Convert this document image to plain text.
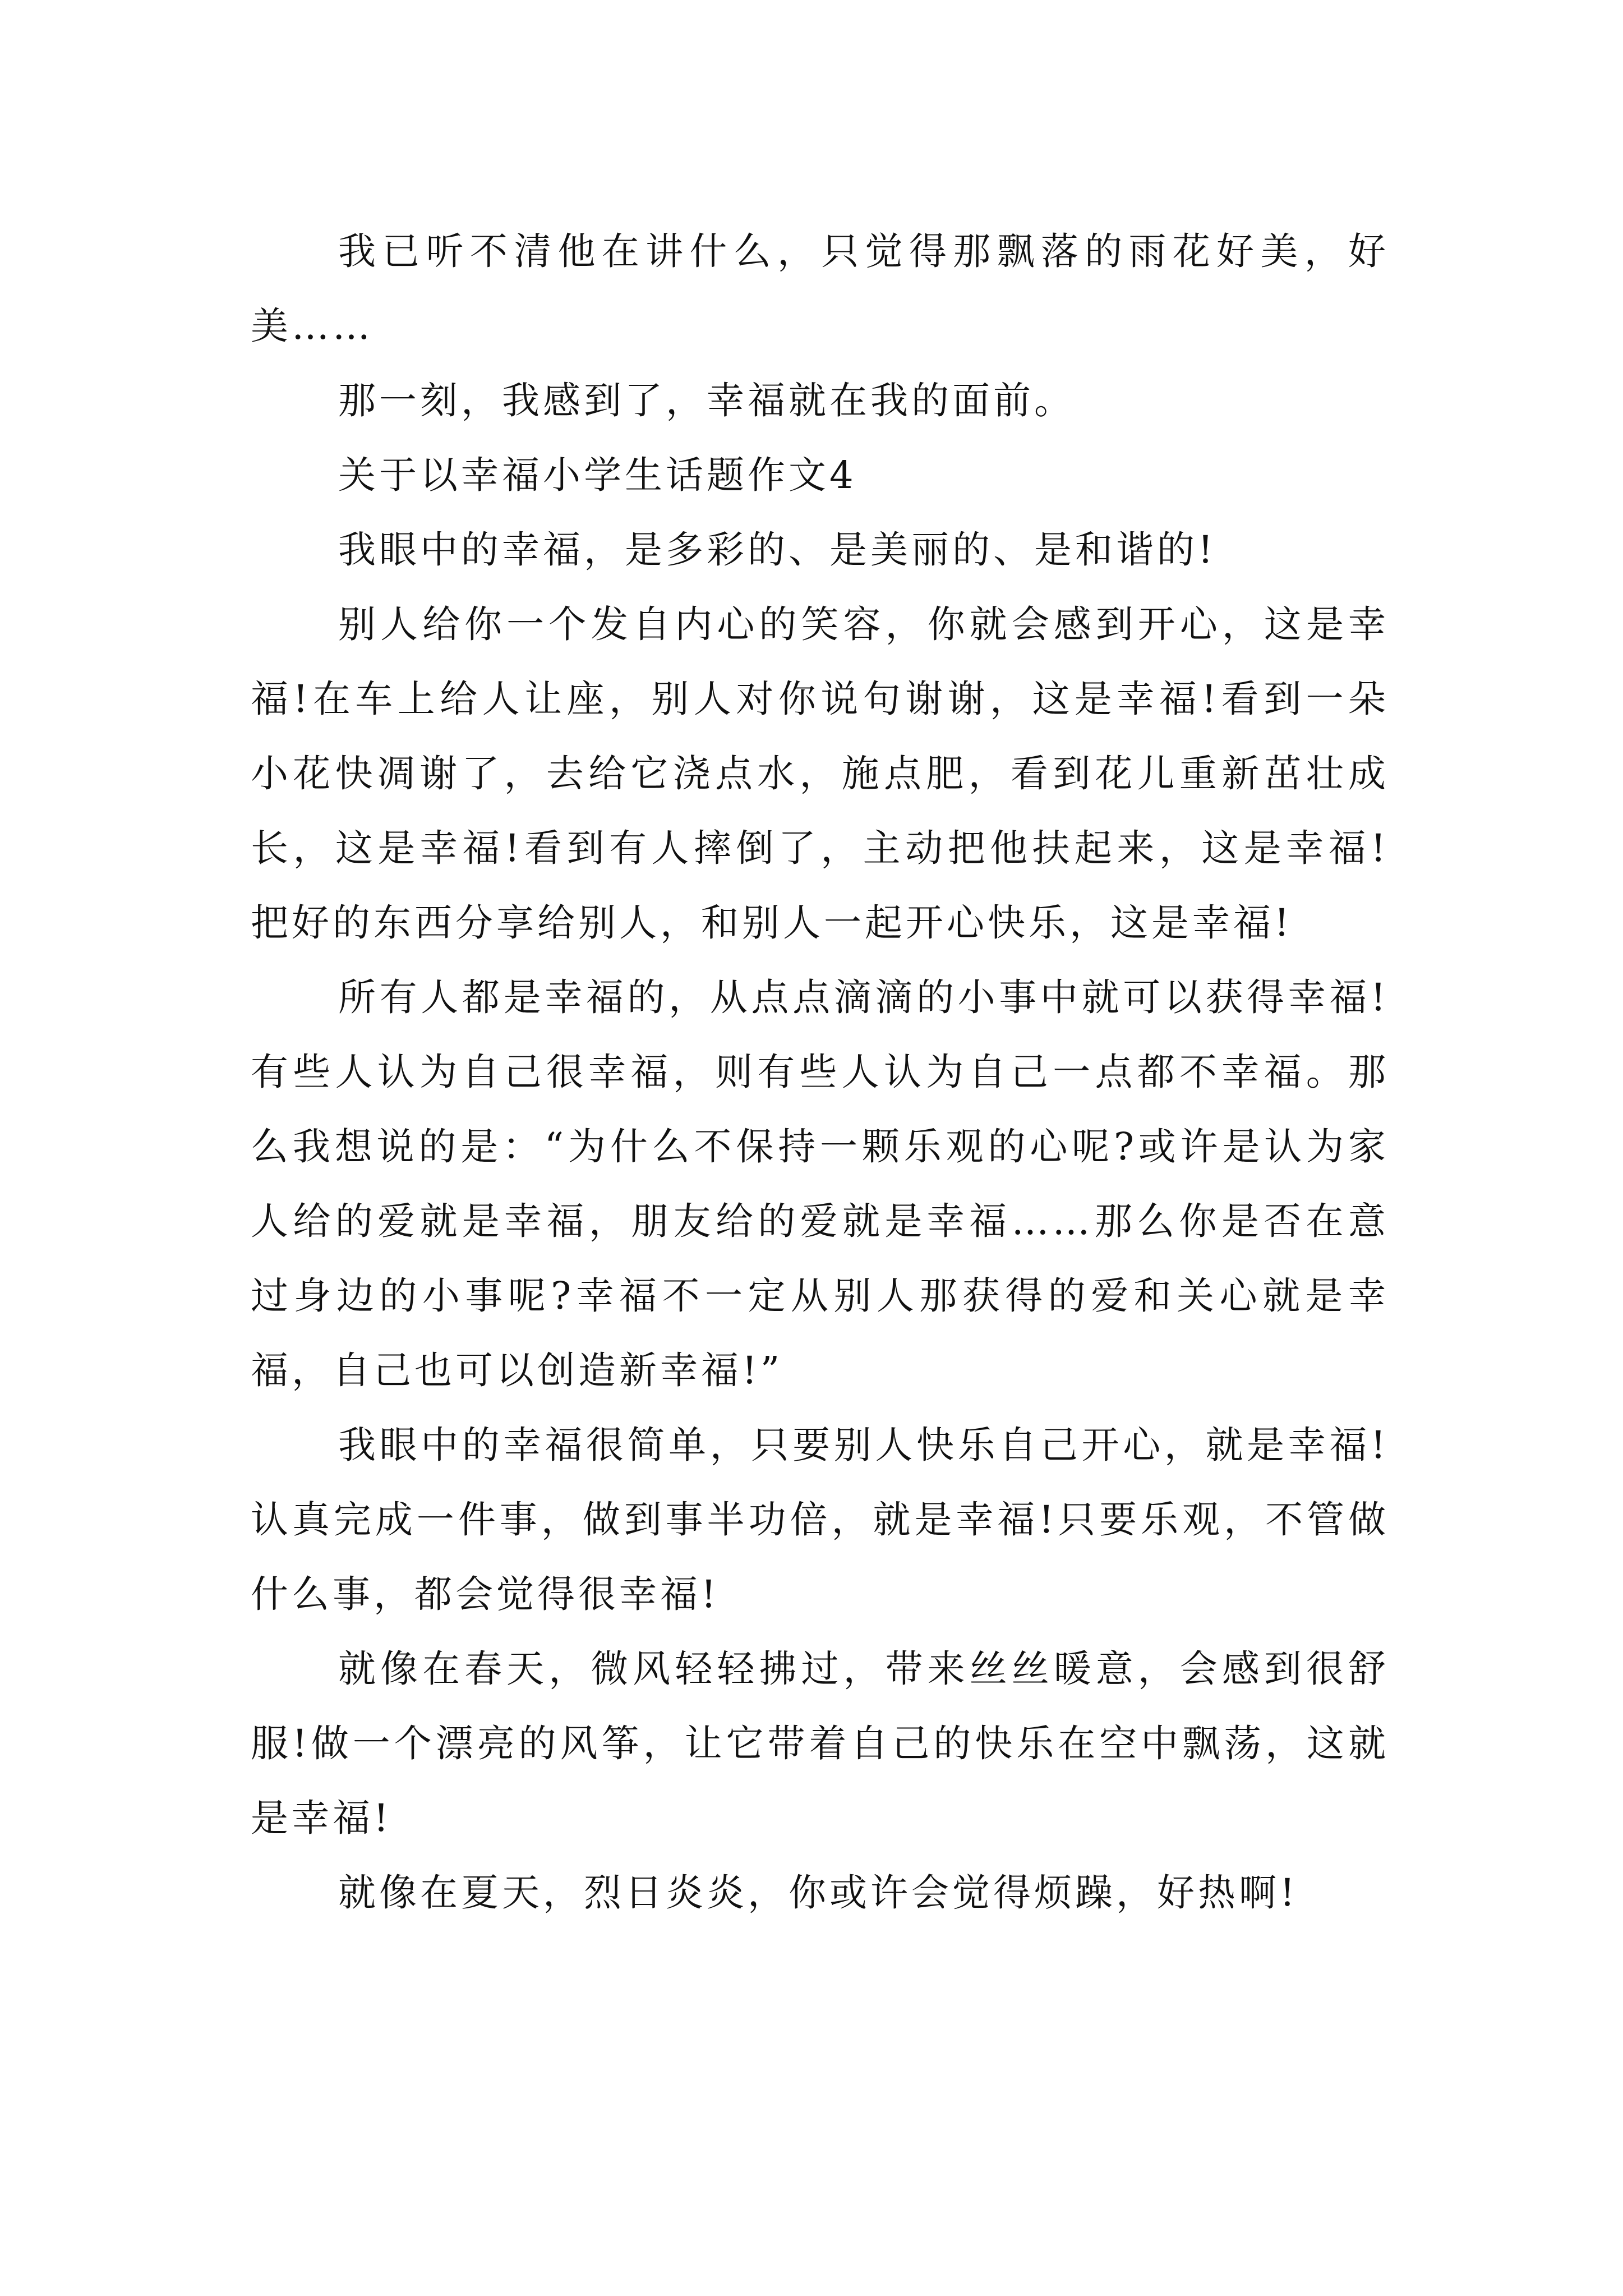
我已听不清他在讲什么，只觉得那飘落的雨花好美，好美……

那一刻，我感到了，幸福就在我的面前。

关于以幸福小学生话题作文4

我眼中的幸福，是多彩的、是美丽的、是和谐的!

别人给你一个发自内心的笑容，你就会感到开心，这是幸福!在车上给人让座，别人对你说句谢谢，这是幸福!看到一朵小花快凋谢了，去给它浇点水，施点肥，看到花儿重新茁壮成长，这是幸福!看到有人摔倒了，主动把他扶起来，这是幸福!把好的东西分享给别人，和别人一起开心快乐，这是幸福!

所有人都是幸福的，从点点滴滴的小事中就可以获得幸福!有些人认为自己很幸福，则有些人认为自己一点都不幸福。那么我想说的是：“为什么不保持一颗乐观的心呢?或许是认为家人给的爱就是幸福，朋友给的爱就是幸福……那么你是否在意过身边的小事呢?幸福不一定从别人那获得的爱和关心就是幸福，自己也可以创造新幸福!”

我眼中的幸福很简单，只要别人快乐自己开心，就是幸福!认真完成一件事，做到事半功倍，就是幸福!只要乐观，不管做什么事，都会觉得很幸福!

就像在春天，微风轻轻拂过，带来丝丝暖意，会感到很舒服!做一个漂亮的风筝，让它带着自己的快乐在空中飘荡，这就是幸福!

就像在夏天，烈日炎炎，你或许会觉得烦躁，好热啊!
